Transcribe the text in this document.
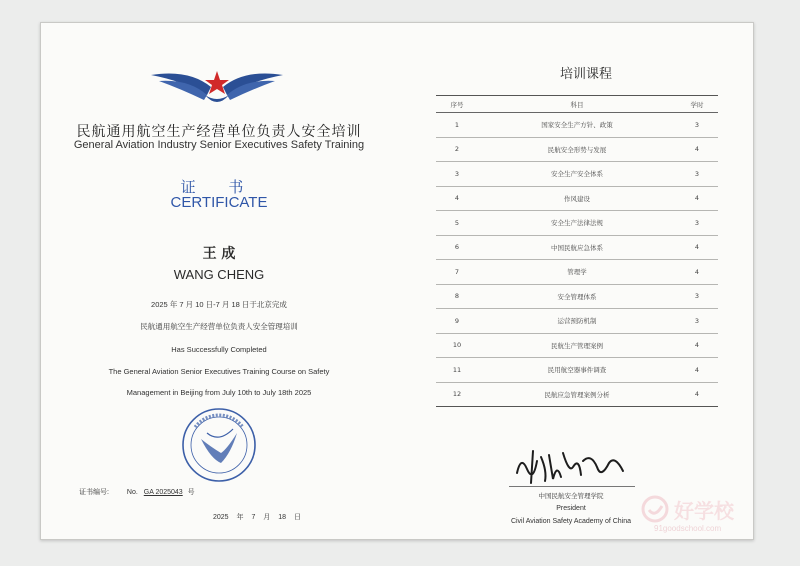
民航通用航空生产经营单位负责人安全培训
General Aviation Industry Senior Executives Safety Training
证 书
CERTIFICATE
王 成
WANG CHENG
2025 年 7 月 10 日-7 月 18 日于北京完成
民航通用航空生产经营单位负责人安全管理培训
Has Successfully Completed
The General Aviation Senior Executives Training Course on Safety
Management in Beijing from July 10th to July 18th 2025
证书编号:	No. GA 2025043 号
2025 年 7 月 18 日
培训课程
序号	科目	学时
1	国家安全生产方针、政策	3
2	民航安全形势与发展	4
3	安全生产安全体系	3
4	作风建设	4
5	安全生产法律法规	3
6	中国民航应急体系	4
7	管理学	4
8	安全管理体系	3
9	运营预防机制	3
10	民航生产管理案例	4
11	民用航空器事件调查	4
12	民航应急管理案例分析	4
中国民航安全管理学院
President
Civil Aviation Safety Academy of China	好学校
91goodschool.com
